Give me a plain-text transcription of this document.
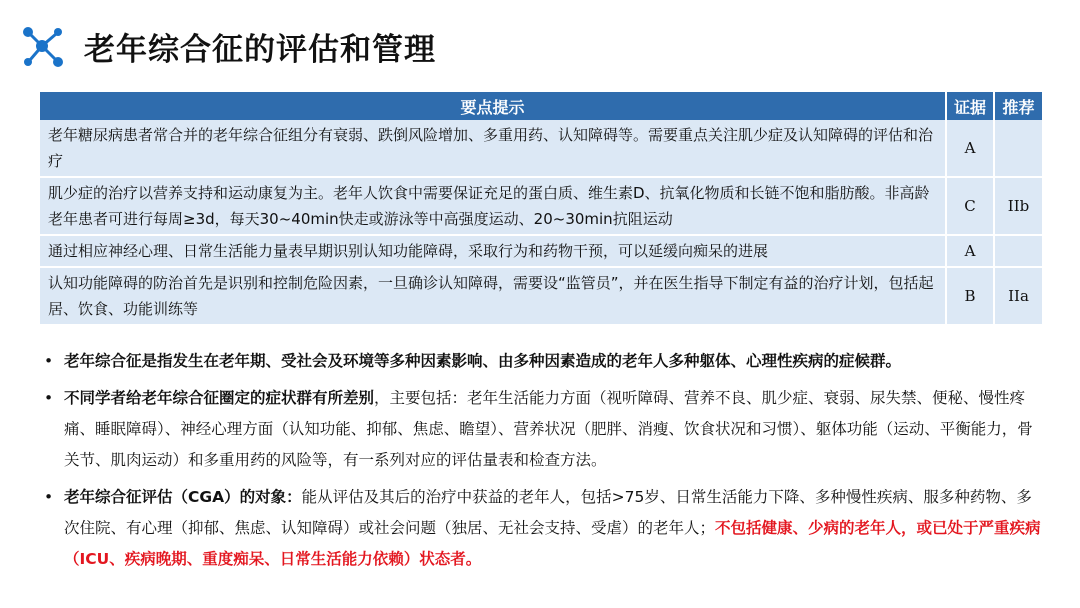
老年综合征的评估和管理
要点提示	证据	推荐
老年糖尿病患者常合并的老年综合征组分有衰弱、跌倒风险增加、多重用药、认知障碍等。需要重点关注肌少症及认知障碍的评估和治疗	A	
肌少症的治疗以营养支持和运动康复为主。老年人饮食中需要保证充足的蛋白质、维生素D、抗氧化物质和长链不饱和脂肪酸。非高龄老年患者可进行每周≥3d，每天30~40min快走或游泳等中高强度运动、20~30min抗阻运动	C	IIb
通过相应神经心理、日常生活能力量表早期识别认知功能障碍，采取行为和药物干预，可以延缓向痴呆的进展	A	
认知功能障碍的防治首先是识别和控制危险因素，一旦确诊认知障碍，需要设“监管员”，并在医生指导下制定有益的治疗计划，包括起居、饮食、功能训练等	B	IIa
• 老年综合征是指发生在老年期、受社会及环境等多种因素影响、由多种因素造成的老年人多种躯体、心理性疾病的症候群。
• 不同学者给老年综合征圈定的症状群有所差别，主要包括：老年生活能力方面（视听障碍、营养不良、肌少症、衰弱、尿失禁、便秘、慢性疼痛、睡眠障碍）、神经心理方面（认知功能、抑郁、焦虑、瞻望）、营养状况（肥胖、消瘦、饮食状况和习惯）、躯体功能（运动、平衡能力，骨关节、肌肉运动）和多重用药的风险等，有一系列对应的评估量表和检查方法。
• 老年综合征评估（CGA）的对象：能从评估及其后的治疗中获益的老年人，包括>75岁、日常生活能力下降、多种慢性疾病、服多种药物、多次住院、有心理（抑郁、焦虑、认知障碍）或社会问题（独居、无社会支持、受虐）的老年人；不包括健康、少病的老年人，或已处于严重疾病（ICU、疾病晚期、重度痴呆、日常生活能力依赖）状态者。
